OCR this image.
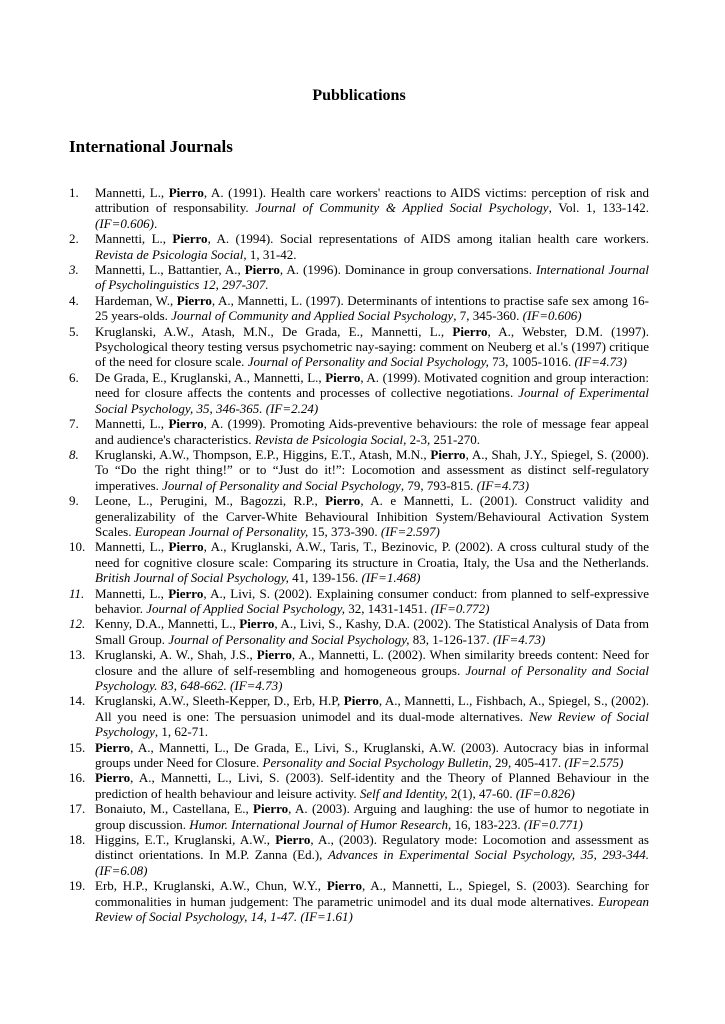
Pubblications
International Journals
1. Mannetti, L., Pierro, A. (1991). Health care workers' reactions to AIDS victims: perception of risk and attribution of responsability. Journal of Community & Applied Social Psychology, Vol. 1, 133-142. (IF=0.606).
2. Mannetti, L., Pierro, A. (1994). Social representations of AIDS among italian health care workers. Revista de Psicologia Social, 1, 31-42.
3. Mannetti, L., Battantier, A., Pierro, A. (1996). Dominance in group conversations. International Journal of Psycholinguistics 12, 297-307.
4. Hardeman, W., Pierro, A., Mannetti, L. (1997). Determinants of intentions to practise safe sex among 16-25 years-olds. Journal of Community and Applied Social Psychology, 7, 345-360. (IF=0.606)
5. Kruglanski, A.W., Atash, M.N., De Grada, E., Mannetti, L., Pierro, A., Webster, D.M. (1997). Psychological theory testing versus psychometric nay-saying: comment on Neuberg et al.'s (1997) critique of the need for closure scale. Journal of Personality and Social Psychology, 73, 1005-1016. (IF=4.73)
6. De Grada, E., Kruglanski, A., Mannetti, L., Pierro, A. (1999). Motivated cognition and group interaction: need for closure affects the contents and processes of collective negotiations. Journal of Experimental Social Psychology, 35, 346-365. (IF=2.24)
7. Mannetti, L., Pierro, A. (1999). Promoting Aids-preventive behaviours: the role of message fear appeal and audience's characteristics. Revista de Psicologia Social, 2-3, 251-270.
8. Kruglanski, A.W., Thompson, E.P., Higgins, E.T., Atash, M.N., Pierro, A., Shah, J.Y., Spiegel, S. (2000). To “Do the right thing!” or to “Just do it!”: Locomotion and assessment as distinct self-regulatory imperatives. Journal of Personality and Social Psychology, 79, 793-815. (IF=4.73)
9. Leone, L., Perugini, M., Bagozzi, R.P., Pierro, A. e Mannetti, L. (2001). Construct validity and generalizability of the Carver-White Behavioural Inhibition System/Behavioural Activation System Scales. European Journal of Personality, 15, 373-390. (IF=2.597)
10. Mannetti, L., Pierro, A., Kruglanski, A.W., Taris, T., Bezinovic, P. (2002). A cross cultural study of the need for cognitive closure scale: Comparing its structure in Croatia, Italy, the Usa and the Netherlands. British Journal of Social Psychology, 41, 139-156. (IF=1.468)
11. Mannetti, L., Pierro, A., Livi, S. (2002). Explaining consumer conduct: from planned to self-expressive behavior. Journal of Applied Social Psychology, 32, 1431-1451. (IF=0.772)
12. Kenny, D.A., Mannetti, L., Pierro, A., Livi, S., Kashy, D.A. (2002). The Statistical Analysis of Data from Small Group. Journal of Personality and Social Psychology, 83, 1-126-137. (IF=4.73)
13. Kruglanski, A. W., Shah, J.S., Pierro, A., Mannetti, L. (2002). When similarity breeds content: Need for closure and the allure of self-resembling and homogeneous groups. Journal of Personality and Social Psychology. 83, 648-662. (IF=4.73)
14. Kruglanski, A.W., Sleeth-Kepper, D., Erb, H.P, Pierro, A., Mannetti, L., Fishbach, A., Spiegel, S., (2002). All you need is one: The persuasion unimodel and its dual-mode alternatives. New Review of Social Psychology, 1, 62-71.
15. Pierro, A., Mannetti, L., De Grada, E., Livi, S., Kruglanski, A.W. (2003). Autocracy bias in informal groups under Need for Closure. Personality and Social Psychology Bulletin, 29, 405-417. (IF=2.575)
16. Pierro, A., Mannetti, L., Livi, S. (2003). Self-identity and the Theory of Planned Behaviour in the prediction of health behaviour and leisure activity. Self and Identity, 2(1), 47-60. (IF=0.826)
17. Bonaiuto, M., Castellana, E., Pierro, A. (2003). Arguing and laughing: the use of humor to negotiate in group discussion. Humor. International Journal of Humor Research, 16, 183-223. (IF=0.771)
18. Higgins, E.T., Kruglanski, A.W., Pierro, A., (2003). Regulatory mode: Locomotion and assessment as distinct orientations. In M.P. Zanna (Ed.), Advances in Experimental Social Psychology, 35, 293-344. (IF=6.08)
19. Erb, H.P., Kruglanski, A.W., Chun, W.Y., Pierro, A., Mannetti, L., Spiegel, S. (2003). Searching for commonalities in human judgement: The parametric unimodel and its dual mode alternatives. European Review of Social Psychology, 14, 1-47. (IF=1.61)
